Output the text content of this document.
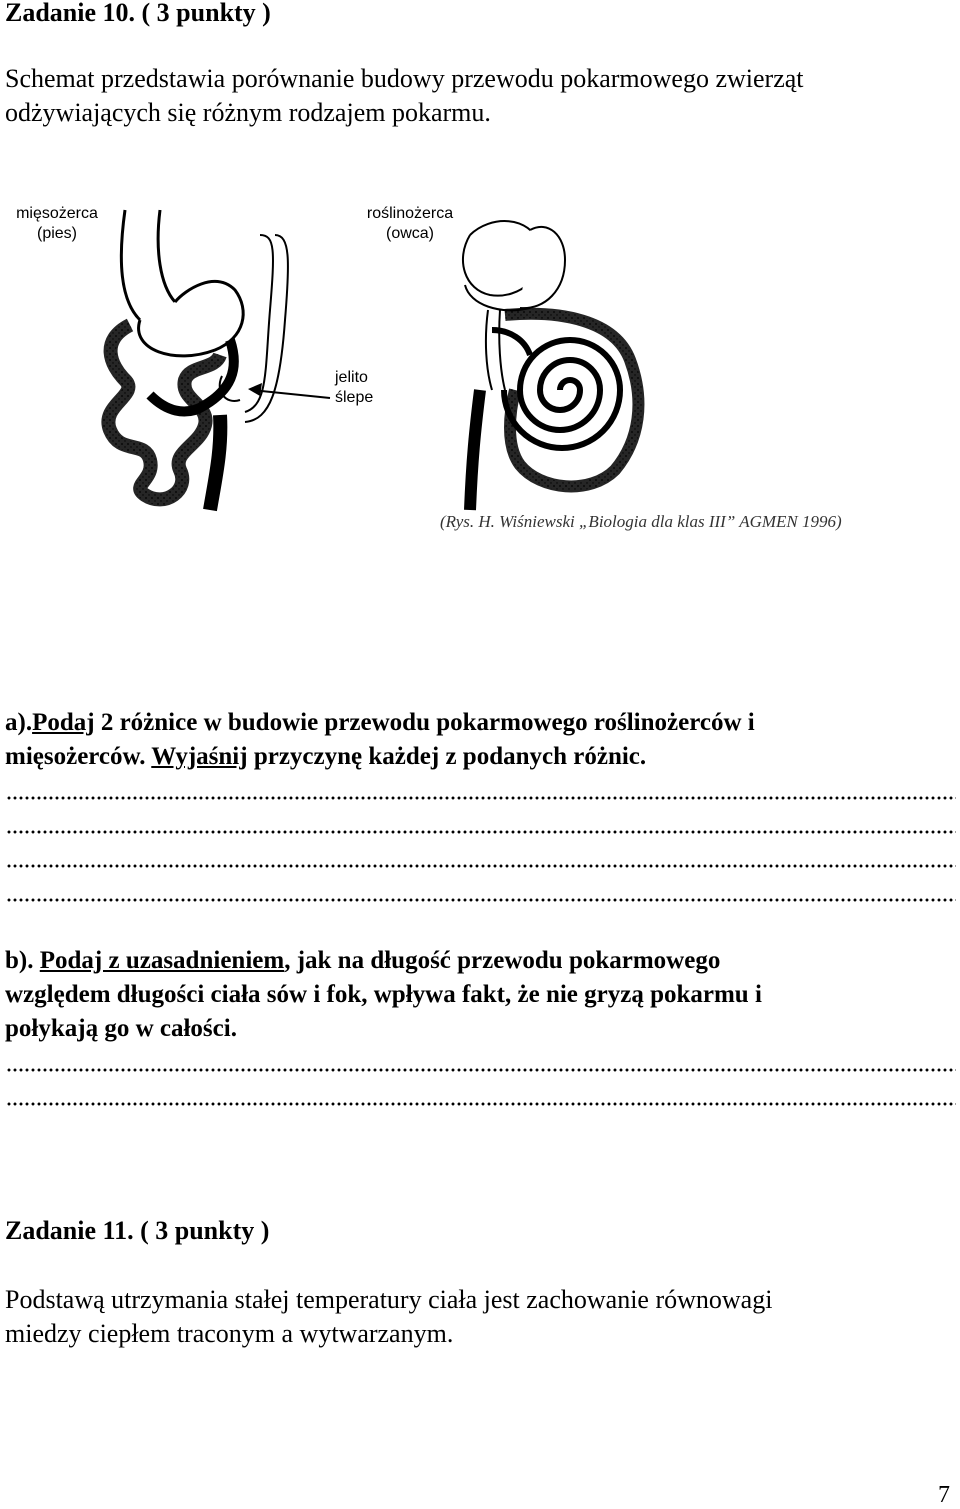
Zadanie 10. ( 3 punkty )
Schemat przedstawia porównanie budowy przewodu pokarmowego zwierząt
odżywiających się różnym rodzajem pokarmu.
mięsożerca
(pies)
roślinożerca
(owca)
jelito
ślepe
(Rys. H. Wiśniewski „Biologia dla klas III” AGMEN 1996)
a).Podaj 2 różnice w budowie przewodu pokarmowego roślinożerców i
mięsożerców. Wyjaśnij przyczynę każdej z podanych różnic.
b). Podaj z uzasadnieniem, jak na długość przewodu pokarmowego
względem długości ciała sów i fok, wpływa fakt, że nie gryzą pokarmu i
połykają go w całości.
Zadanie 11. ( 3 punkty )
Podstawą utrzymania stałej temperatury ciała jest zachowanie równowagi
miedzy ciepłem traconym a wytwarzanym.
7
